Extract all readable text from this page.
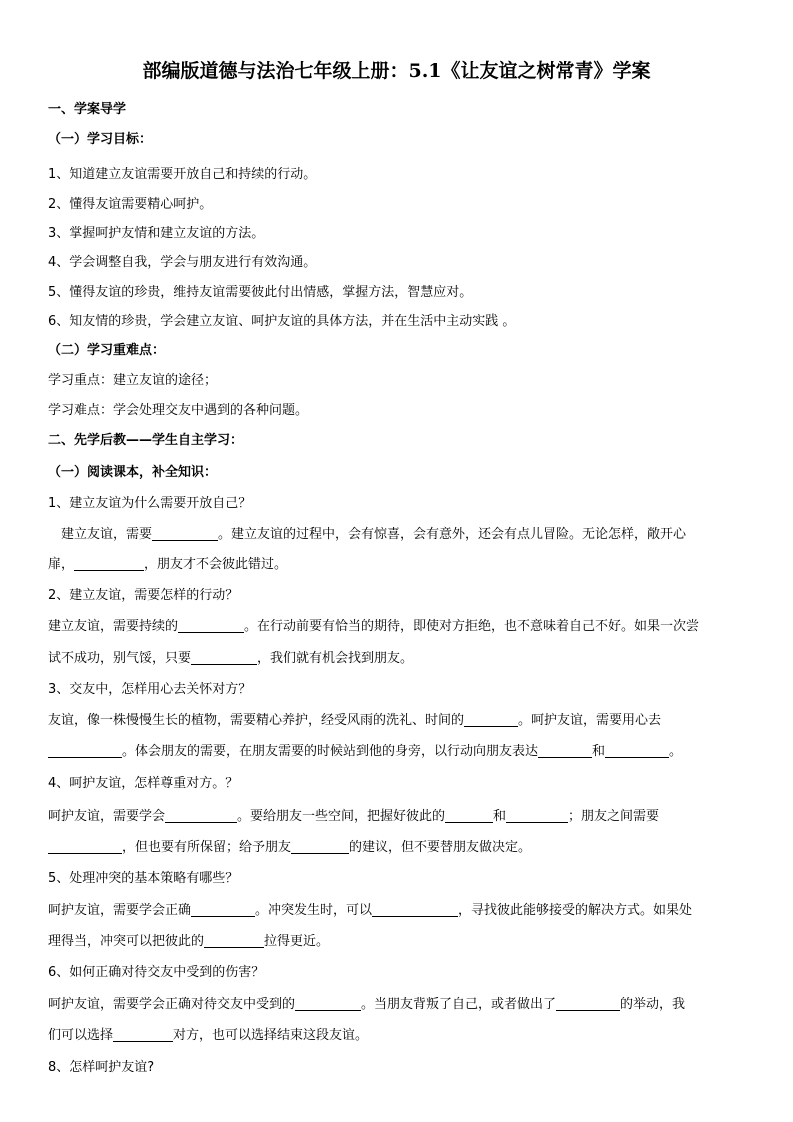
部编版道德与法治七年级上册：5.1《让友谊之树常青》学案
一、学案导学
（一）学习目标：
1、知道建立友谊需要开放自己和持续的行动。
2、懂得友谊需要精心呵护。
3、掌握呵护友情和建立友谊的方法。
4、学会调整自我，学会与朋友进行有效沟通。
5、懂得友谊的珍贵，维持友谊需要彼此付出情感，掌握方法，智慧应对。
6、知友情的珍贵，学会建立友谊、呵护友谊的具体方法，并在生活中主动实践 。
（二）学习重难点：
学习重点：建立友谊的途径；
学习难点：学会处理交友中遇到的各种问题。
二、先学后教——学生自主学习：
（一）阅读课本，补全知识：
1、建立友谊为什么需要开放自己？
建立友谊，需要	。建立友谊的过程中，会有惊喜，会有意外，还会有点儿冒险。无论怎样，敞开心
扉，	，朋友才不会彼此错过。
2、建立友谊，需要怎样的行动？
建立友谊，需要持续的	。在行动前要有恰当的期待，即使对方拒绝，也不意味着自己不好。如果一次尝
试不成功，别气馁，只要	，我们就有机会找到朋友。
3、交友中，怎样用心去关怀对方？
友谊，像一株慢慢生长的植物，需要精心养护，经受风雨的洗礼、时间的	。呵护友谊，需要用心去
。体会朋友的需要，在朋友需要的时候站到他的身旁，以行动向朋友表达	和	。
4、呵护友谊，怎样尊重对方。？
呵护友谊，需要学会	。要给朋友一些空间，把握好彼此的	和	；朋友之间需要
，但也要有所保留；给予朋友	的建议，但不要替朋友做决定。
5、处理冲突的基本策略有哪些？
呵护友谊，需要学会正确	。冲突发生时，可以	，寻找彼此能够接受的解决方式。如果处
理得当，冲突可以把彼此的	拉得更近。
6、如何正确对待交友中受到的伤害？
呵护友谊，需要学会正确对待交友中受到的	。当朋友背叛了自己，或者做出了	的举动，我
们可以选择	对方，也可以选择结束这段友谊。
8、怎样呵护友谊?
